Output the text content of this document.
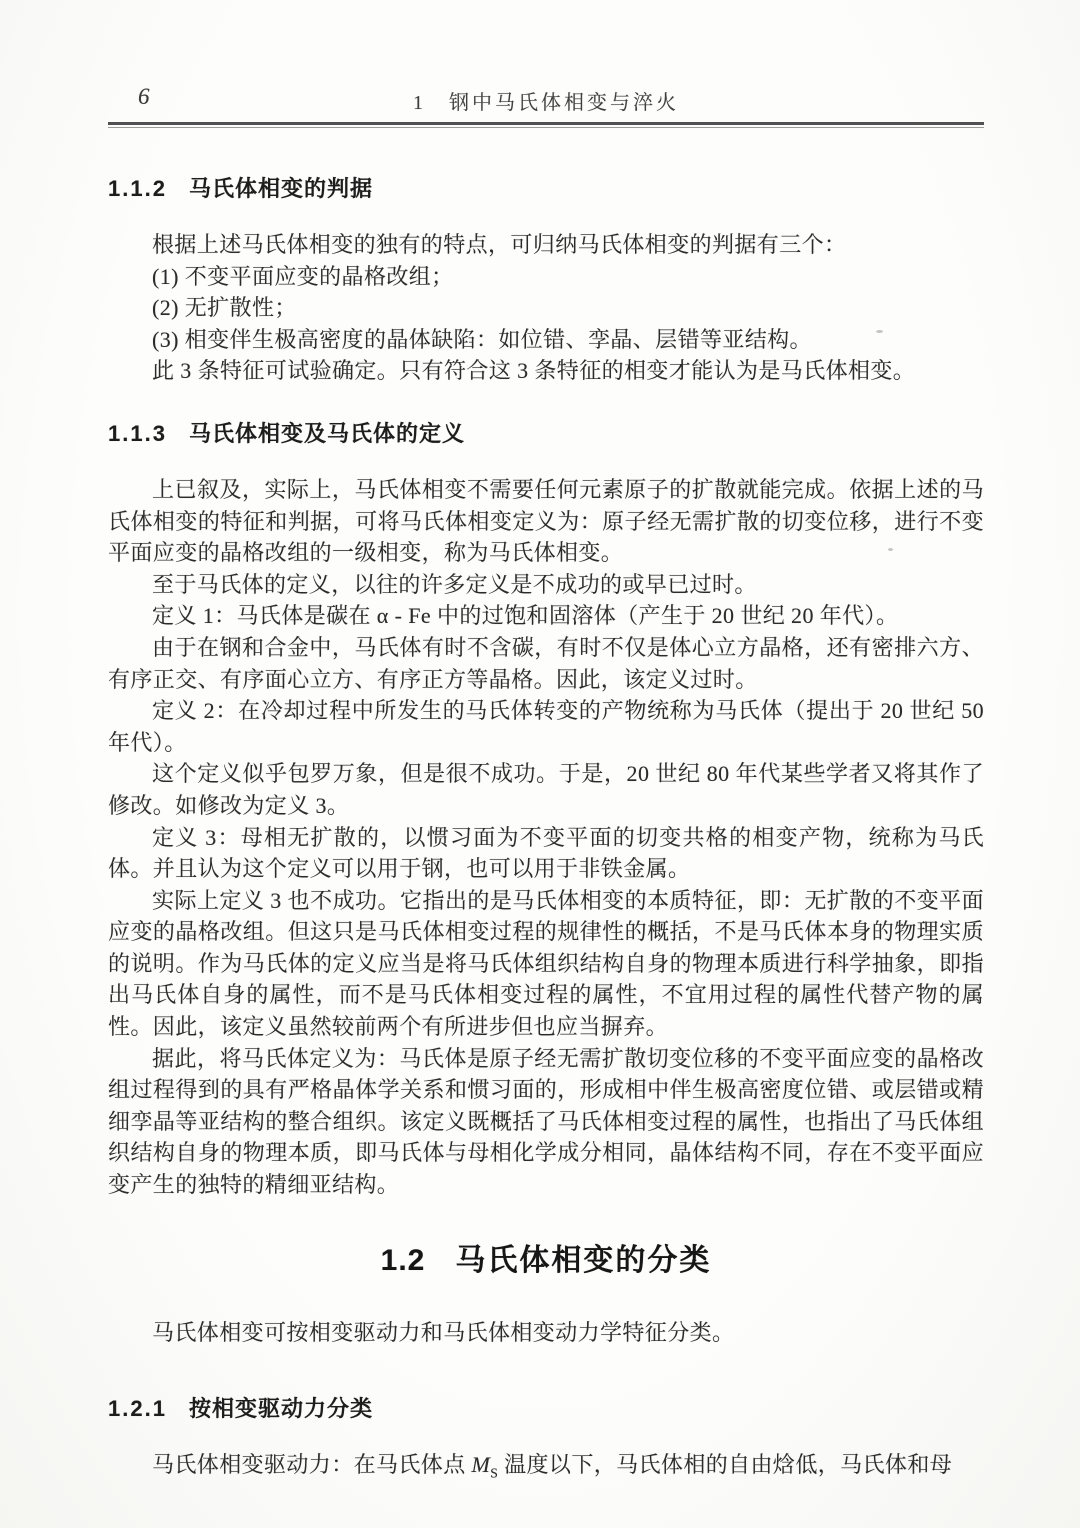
6	1　钢中马氏体相变与淬火
1.1.2 马氏体相变的判据

根据上述马氏体相变的独有的特点，可归纳马氏体相变的判据有三个：

(1) 不变平面应变的晶格改组；

(2) 无扩散性；

(3) 相变伴生极高密度的晶体缺陷：如位错、孪晶、层错等亚结构。

此 3 条特征可试验确定。只有符合这 3 条特征的相变才能认为是马氏体相变。

1.1.3 马氏体相变及马氏体的定义

上已叙及，实际上，马氏体相变不需要任何元素原子的扩散就能完成。依据上述的马氏体相变的特征和判据，可将马氏体相变定义为：原子经无需扩散的切变位移，进行不变平面应变的晶格改组的一级相变，称为马氏体相变。

至于马氏体的定义，以往的许多定义是不成功的或早已过时。

定义 1：马氏体是碳在 α - Fe 中的过饱和固溶体（产生于 20 世纪 20 年代）。

由于在钢和合金中，马氏体有时不含碳，有时不仅是体心立方晶格，还有密排六方、有序正交、有序面心立方、有序正方等晶格。因此，该定义过时。

定义 2：在冷却过程中所发生的马氏体转变的产物统称为马氏体（提出于 20 世纪 50 年代）。

这个定义似乎包罗万象，但是很不成功。于是，20 世纪 80 年代某些学者又将其作了修改。如修改为定义 3。

定义 3：母相无扩散的，以惯习面为不变平面的切变共格的相变产物，统称为马氏体。并且认为这个定义可以用于钢，也可以用于非铁金属。

实际上定义 3 也不成功。它指出的是马氏体相变的本质特征，即：无扩散的不变平面应变的晶格改组。但这只是马氏体相变过程的规律性的概括，不是马氏体本身的物理实质的说明。作为马氏体的定义应当是将马氏体组织结构自身的物理本质进行科学抽象，即指出马氏体自身的属性，而不是马氏体相变过程的属性，不宜用过程的属性代替产物的属性。因此，该定义虽然较前两个有所进步但也应当摒弃。

据此，将马氏体定义为：马氏体是原子经无需扩散切变位移的不变平面应变的晶格改组过程得到的具有严格晶体学关系和惯习面的，形成相中伴生极高密度位错、或层错或精细孪晶等亚结构的整合组织。该定义既概括了马氏体相变过程的属性，也指出了马氏体组织结构自身的物理本质，即马氏体与母相化学成分相同，晶体结构不同，存在不变平面应变产生的独特的精细亚结构。

1.2 马氏体相变的分类

马氏体相变可按相变驱动力和马氏体相变动力学特征分类。

1.2.1 按相变驱动力分类

马氏体相变驱动力：在马氏体点 $M_S$ 温度以下，马氏体相的自由焓低，马氏体和母
